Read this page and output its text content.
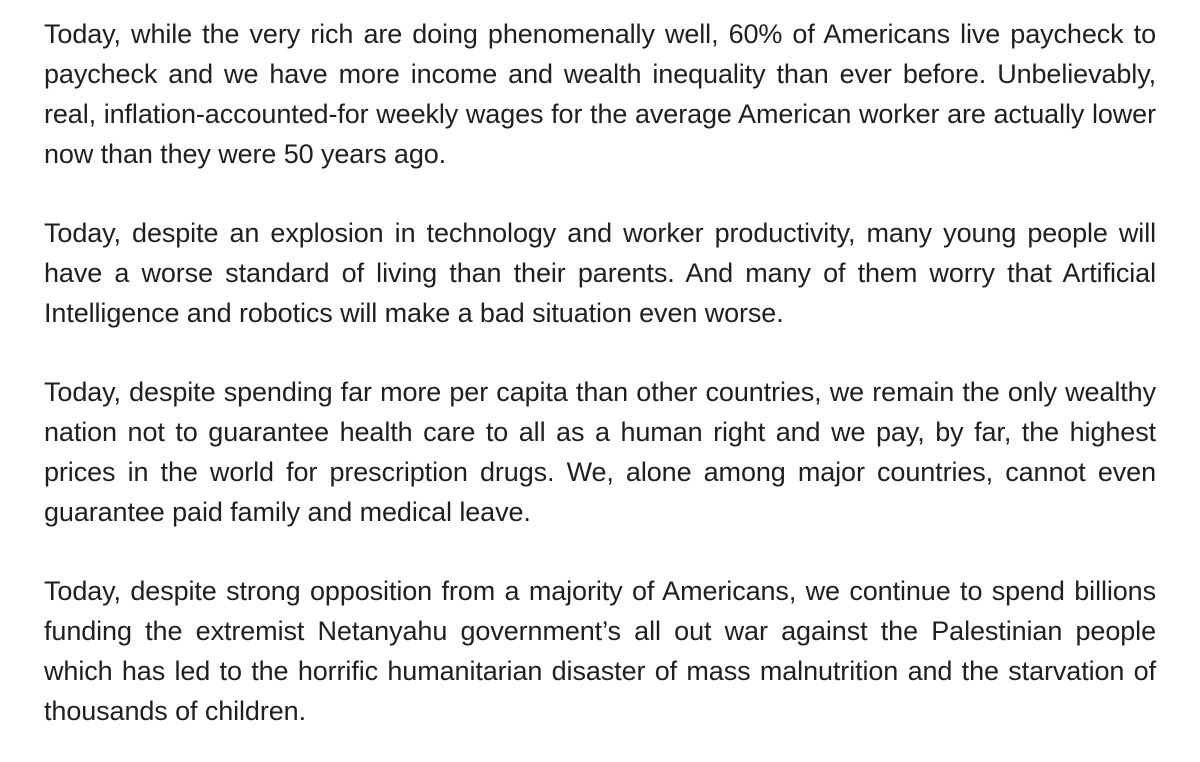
Today, while the very rich are doing phenomenally well, 60% of Americans live paycheck to paycheck and we have more income and wealth inequality than ever before. Unbelievably, real, inflation-accounted-for weekly wages for the average American worker are actually lower now than they were 50 years ago.

Today, despite an explosion in technology and worker productivity, many young people will have a worse standard of living than their parents. And many of them worry that Artificial Intelligence and robotics will make a bad situation even worse.

Today, despite spending far more per capita than other countries, we remain the only wealthy nation not to guarantee health care to all as a human right and we pay, by far, the highest prices in the world for prescription drugs. We, alone among major countries, cannot even guarantee paid family and medical leave.

Today, despite strong opposition from a majority of Americans, we continue to spend billions funding the extremist Netanyahu government’s all out war against the Palestinian people which has led to the horrific humanitarian disaster of mass malnutrition and the starvation of thousands of children.
